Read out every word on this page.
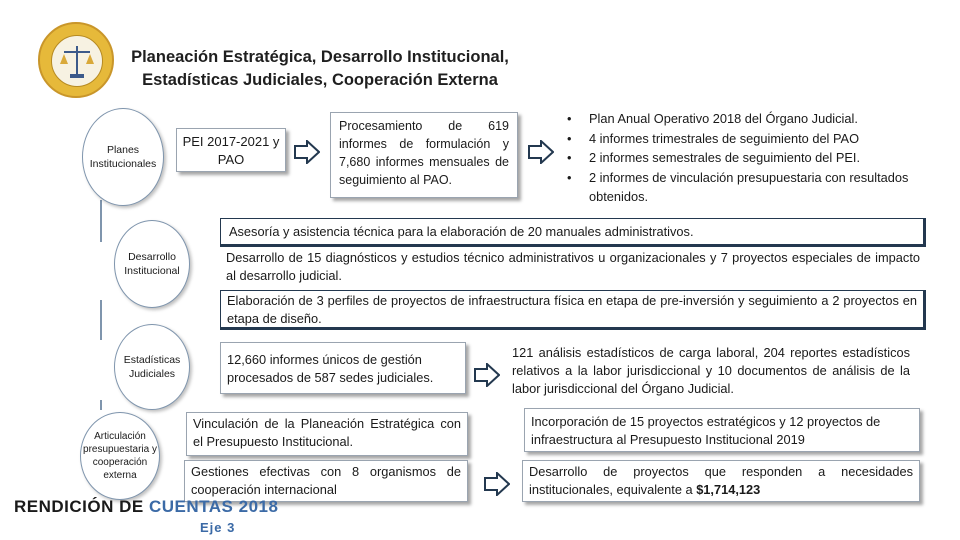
Planeación Estratégica, Desarrollo Institucional,
Estadísticas Judiciales, Cooperación Externa
Planes Institucionales
Desarrollo Institucional
Estadísticas Judiciales
Articulación presupuestaria y cooperación externa
PEI 2017-2021 y PAO
Procesamiento de 619 informes de formulación y 7,680 informes mensuales de seguimiento al PAO.
• Plan Anual Operativo 2018 del Órgano Judicial.
• 4 informes trimestrales de seguimiento del PAO
• 2 informes semestrales de seguimiento del PEI.
• 2 informes de vinculación presupuestaria con resultados obtenidos.
Asesoría y asistencia técnica para la elaboración de 20 manuales administrativos.
Desarrollo de 15 diagnósticos y estudios técnico administrativos u organizacionales y 7 proyectos especiales de impacto al desarrollo judicial.
Elaboración de 3 perfiles de proyectos de infraestructura física en etapa de pre-inversión y seguimiento a 2 proyectos en etapa de diseño.
12,660 informes únicos de gestión procesados de 587 sedes judiciales.
121 análisis estadísticos de carga laboral, 204 reportes estadísticos relativos a la labor jurisdiccional y 10 documentos de análisis de la labor jurisdiccional del Órgano Judicial.
Vinculación de la Planeación Estratégica con el Presupuesto Institucional.
Incorporación de 15 proyectos estratégicos y 12 proyectos de infraestructura al Presupuesto Institucional 2019
Gestiones efectivas con 8 organismos de cooperación internacional
Desarrollo de proyectos que responden a necesidades institucionales, equivalente a $1,714,123
RENDICIÓN DE CUENTAS 2018
Eje 3
